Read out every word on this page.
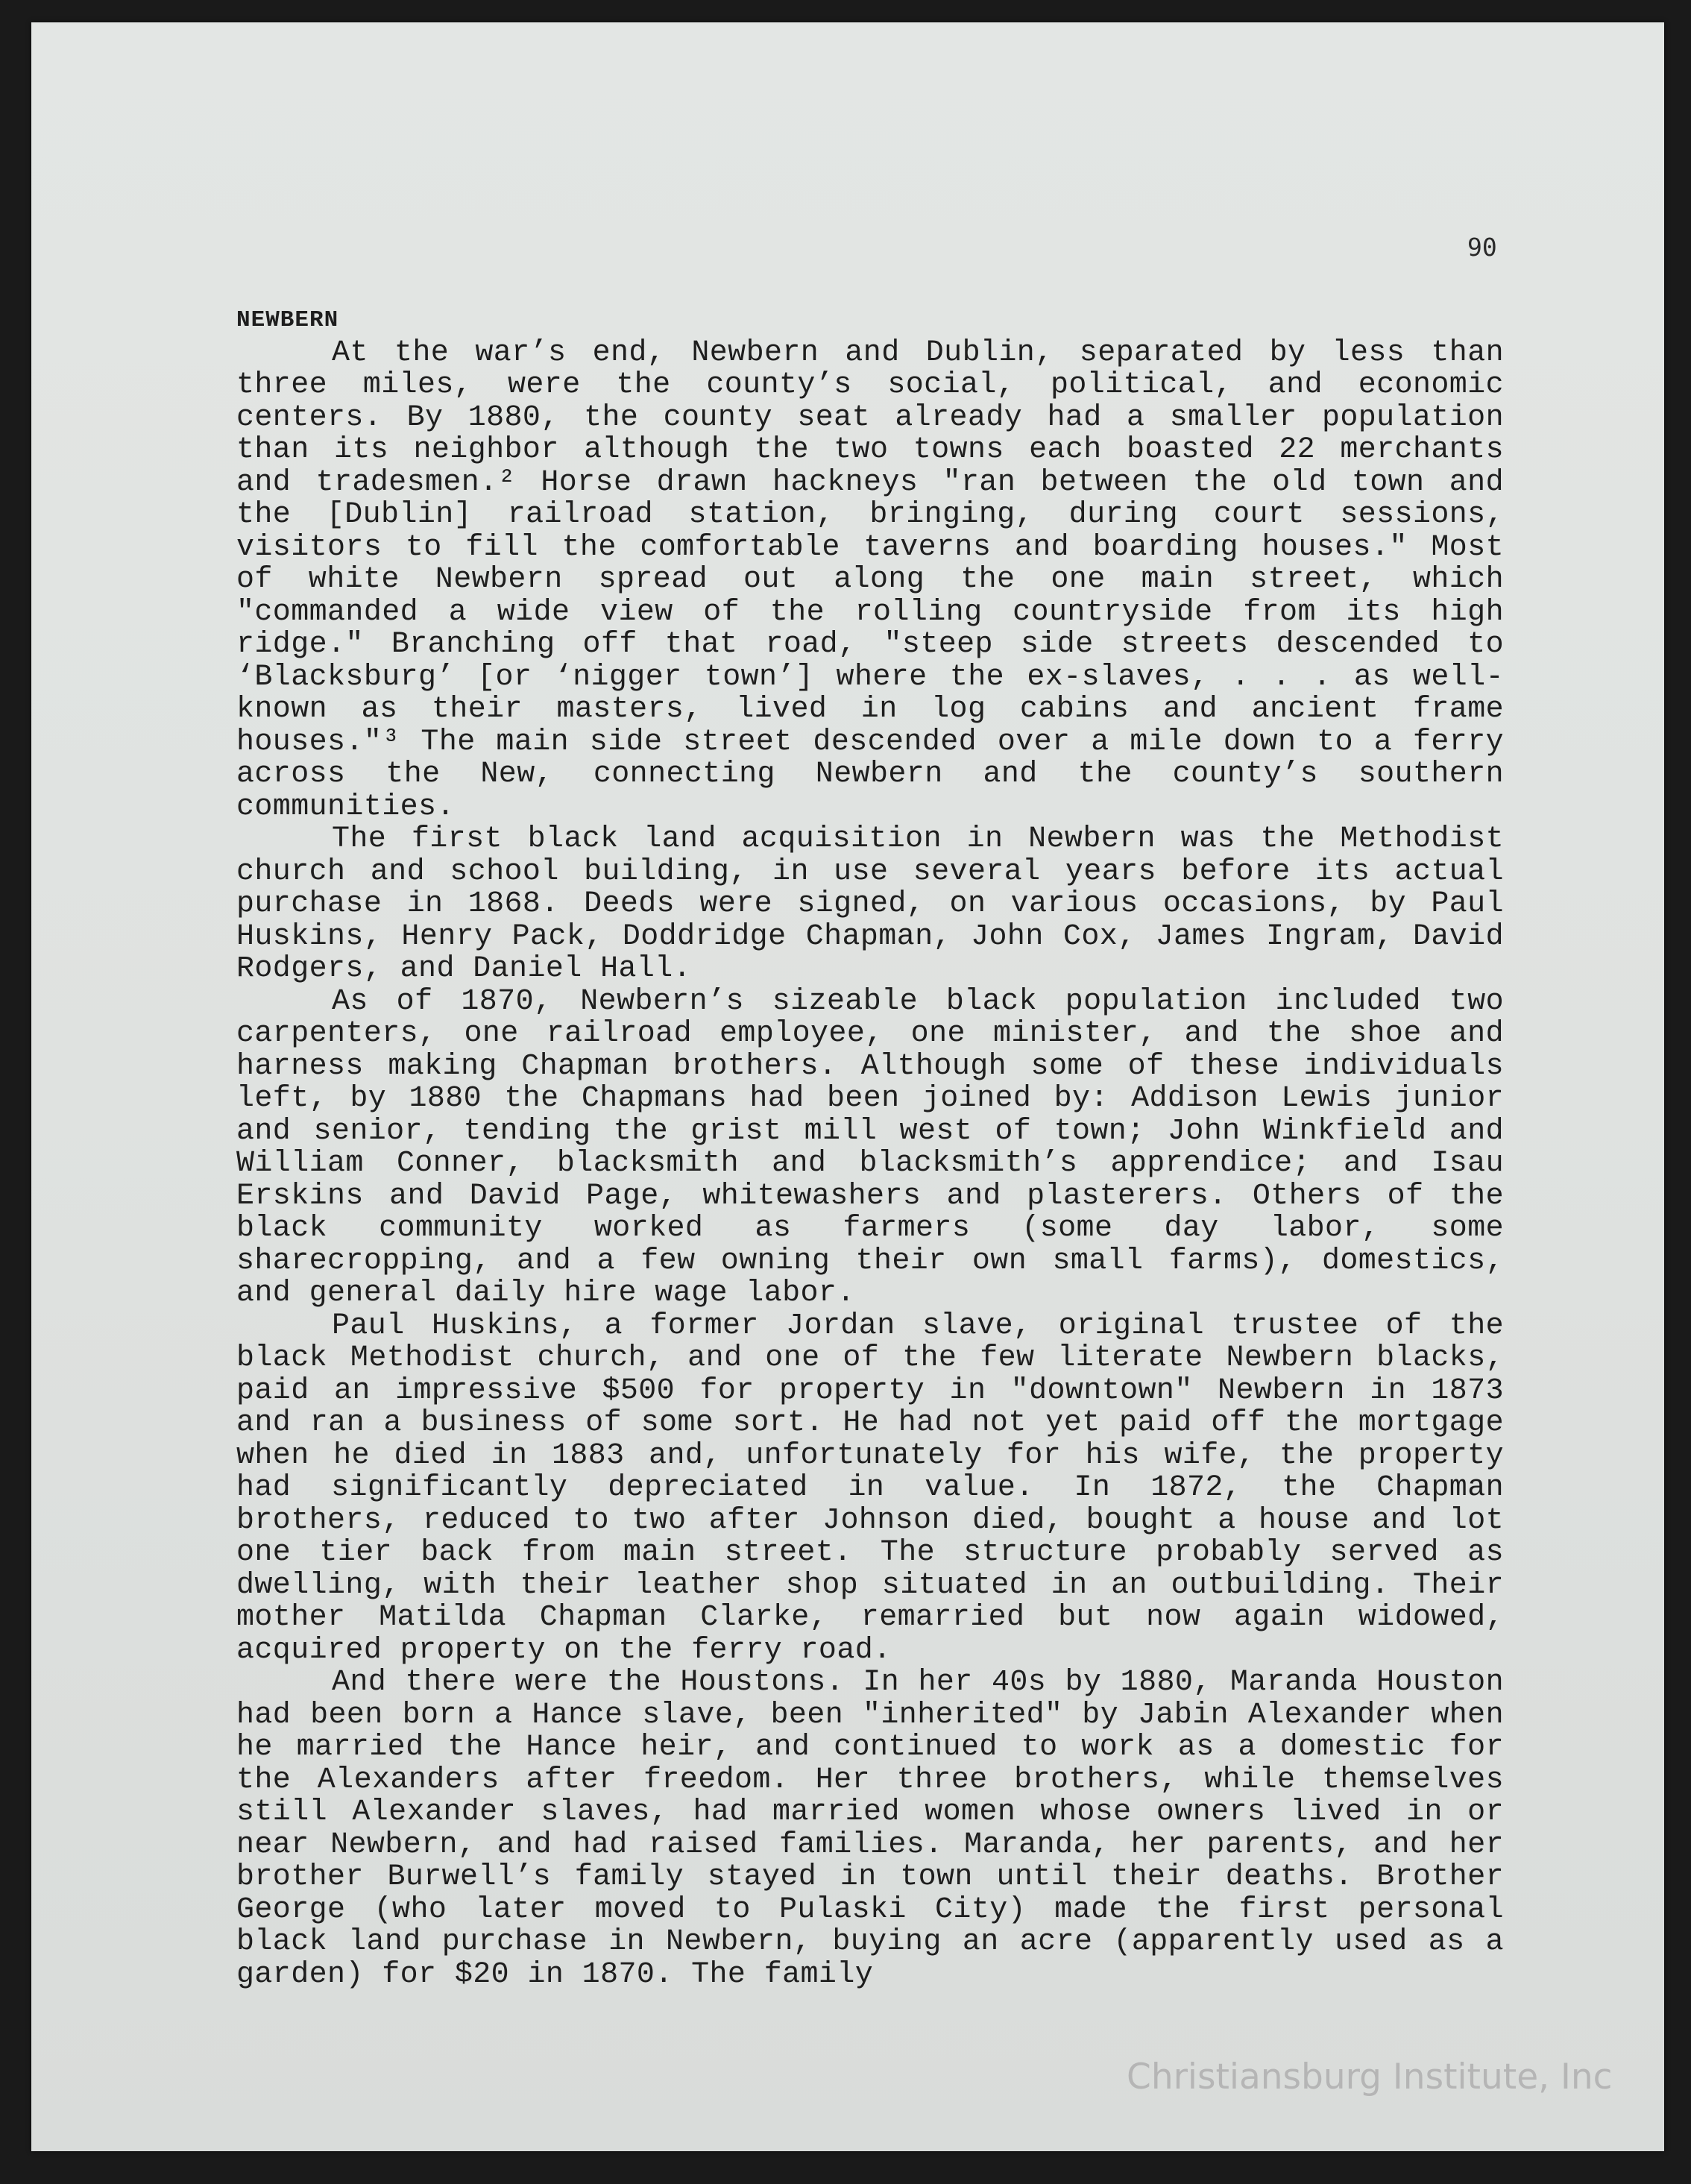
90

NEWBERN

At the war’s end, Newbern and Dublin, separated by less than three miles, were the county’s social, political, and economic centers. By 1880, the county seat already had a smaller population than its neighbor although the two towns each boasted 22 merchants and tradesmen.² Horse drawn hackneys "ran between the old town and the [Dublin] railroad station, bringing, during court sessions, visitors to fill the comfortable taverns and boarding houses." Most of white Newbern spread out along the one main street, which "commanded a wide view of the rolling countryside from its high ridge." Branching off that road, "steep side streets descended to ‘Blacksburg’ [or ‘nigger town’] where the ex-slaves, . . . as well-known as their masters, lived in log cabins and ancient frame houses."³ The main side street descended over a mile down to a ferry across the New, connecting Newbern and the county’s southern communities.

The first black land acquisition in Newbern was the Methodist church and school building, in use several years before its actual purchase in 1868. Deeds were signed, on various occasions, by Paul Huskins, Henry Pack, Doddridge Chapman, John Cox, James Ingram, David Rodgers, and Daniel Hall.

As of 1870, Newbern’s sizeable black population included two carpenters, one railroad employee, one minister, and the shoe and harness making Chapman brothers. Although some of these individuals left, by 1880 the Chapmans had been joined by: Addison Lewis junior and senior, tending the grist mill west of town; John Winkfield and William Conner, blacksmith and blacksmith’s apprendice; and Isau Erskins and David Page, whitewashers and plasterers. Others of the black community worked as farmers (some day labor, some sharecropping, and a few owning their own small farms), domestics, and general daily hire wage labor.

Paul Huskins, a former Jordan slave, original trustee of the black Methodist church, and one of the few literate Newbern blacks, paid an impressive $500 for property in "downtown" Newbern in 1873 and ran a business of some sort. He had not yet paid off the mortgage when he died in 1883 and, unfortunately for his wife, the property had significantly depreciated in value. In 1872, the Chapman brothers, reduced to two after Johnson died, bought a house and lot one tier back from main street. The structure probably served as dwelling, with their leather shop situated in an outbuilding. Their mother Matilda Chapman Clarke, remarried but now again widowed, acquired property on the ferry road.

And there were the Houstons. In her 40s by 1880, Maranda Houston had been born a Hance slave, been "inherited" by Jabin Alexander when he married the Hance heir, and continued to work as a domestic for the Alexanders after freedom. Her three brothers, while themselves still Alexander slaves, had married women whose owners lived in or near Newbern, and had raised families. Maranda, her parents, and her brother Burwell’s family stayed in town until their deaths. Brother George (who later moved to Pulaski City) made the first personal black land purchase in Newbern, buying an acre (apparently used as a garden) for $20 in 1870. The family

Christiansburg Institute, Inc
